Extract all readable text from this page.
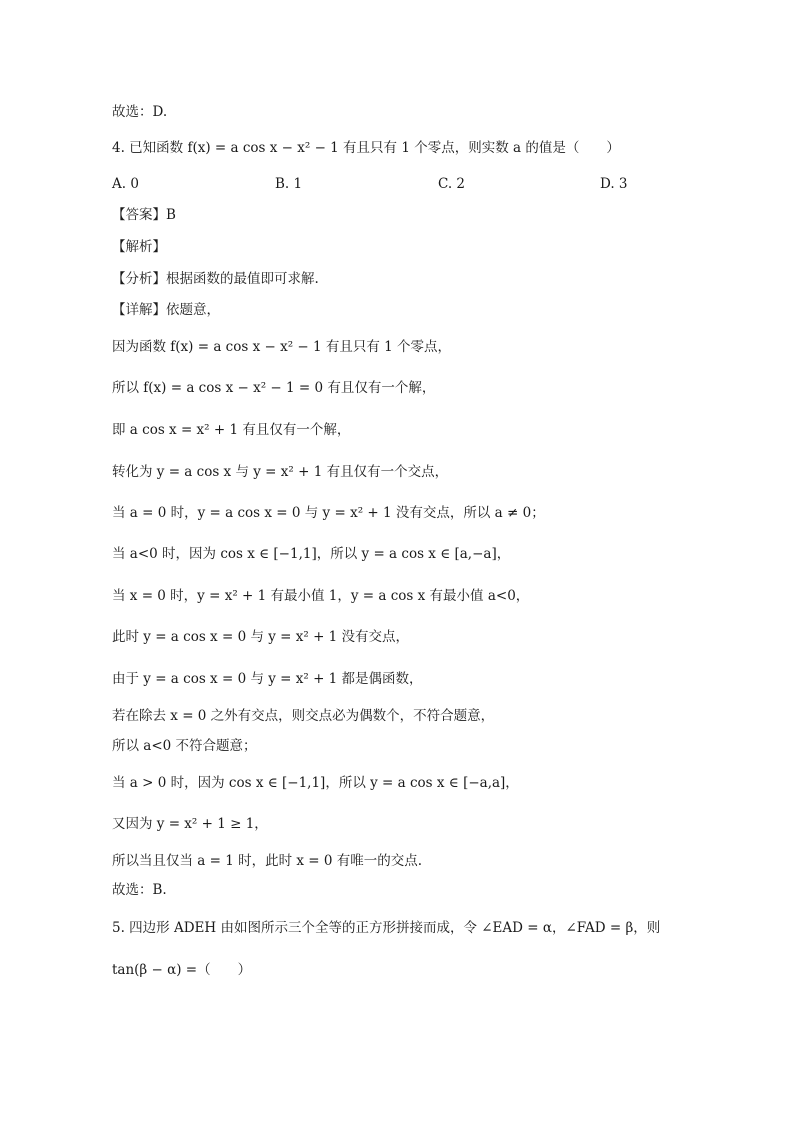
故选：D.
4. 已知函数 f(x) = a cos x − x² − 1 有且只有 1 个零点，则实数 a 的值是（　　）
A. 0	B. 1	C. 2	D. 3
【答案】B
【解析】
【分析】根据函数的最值即可求解.
【详解】依题意，
因为函数 f(x) = a cos x − x² − 1 有且只有 1 个零点，
所以 f(x) = a cos x − x² − 1 = 0 有且仅有一个解，
即 a cos x = x² + 1 有且仅有一个解，
转化为 y = a cos x 与 y = x² + 1 有且仅有一个交点，
当 a = 0 时，y = a cos x = 0 与 y = x² + 1 没有交点，所以 a ≠ 0；
当 a<0 时，因为 cos x ∈ [−1,1]，所以 y = a cos x ∈ [a,−a]，
当 x = 0 时，y = x² + 1 有最小值 1，y = a cos x 有最小值 a<0，
此时 y = a cos x = 0 与 y = x² + 1 没有交点，
由于 y = a cos x = 0 与 y = x² + 1 都是偶函数，
若在除去 x = 0 之外有交点，则交点必为偶数个，不符合题意，
所以 a<0 不符合题意；
当 a > 0 时，因为 cos x ∈ [−1,1]，所以 y = a cos x ∈ [−a,a]，
又因为 y = x² + 1 ≥ 1，
所以当且仅当 a = 1 时，此时 x = 0 有唯一的交点.
故选：B.
5. 四边形 ADEH 由如图所示三个全等的正方形拼接而成，令 ∠EAD = α，∠FAD = β，则
tan(β − α) =（　　）
